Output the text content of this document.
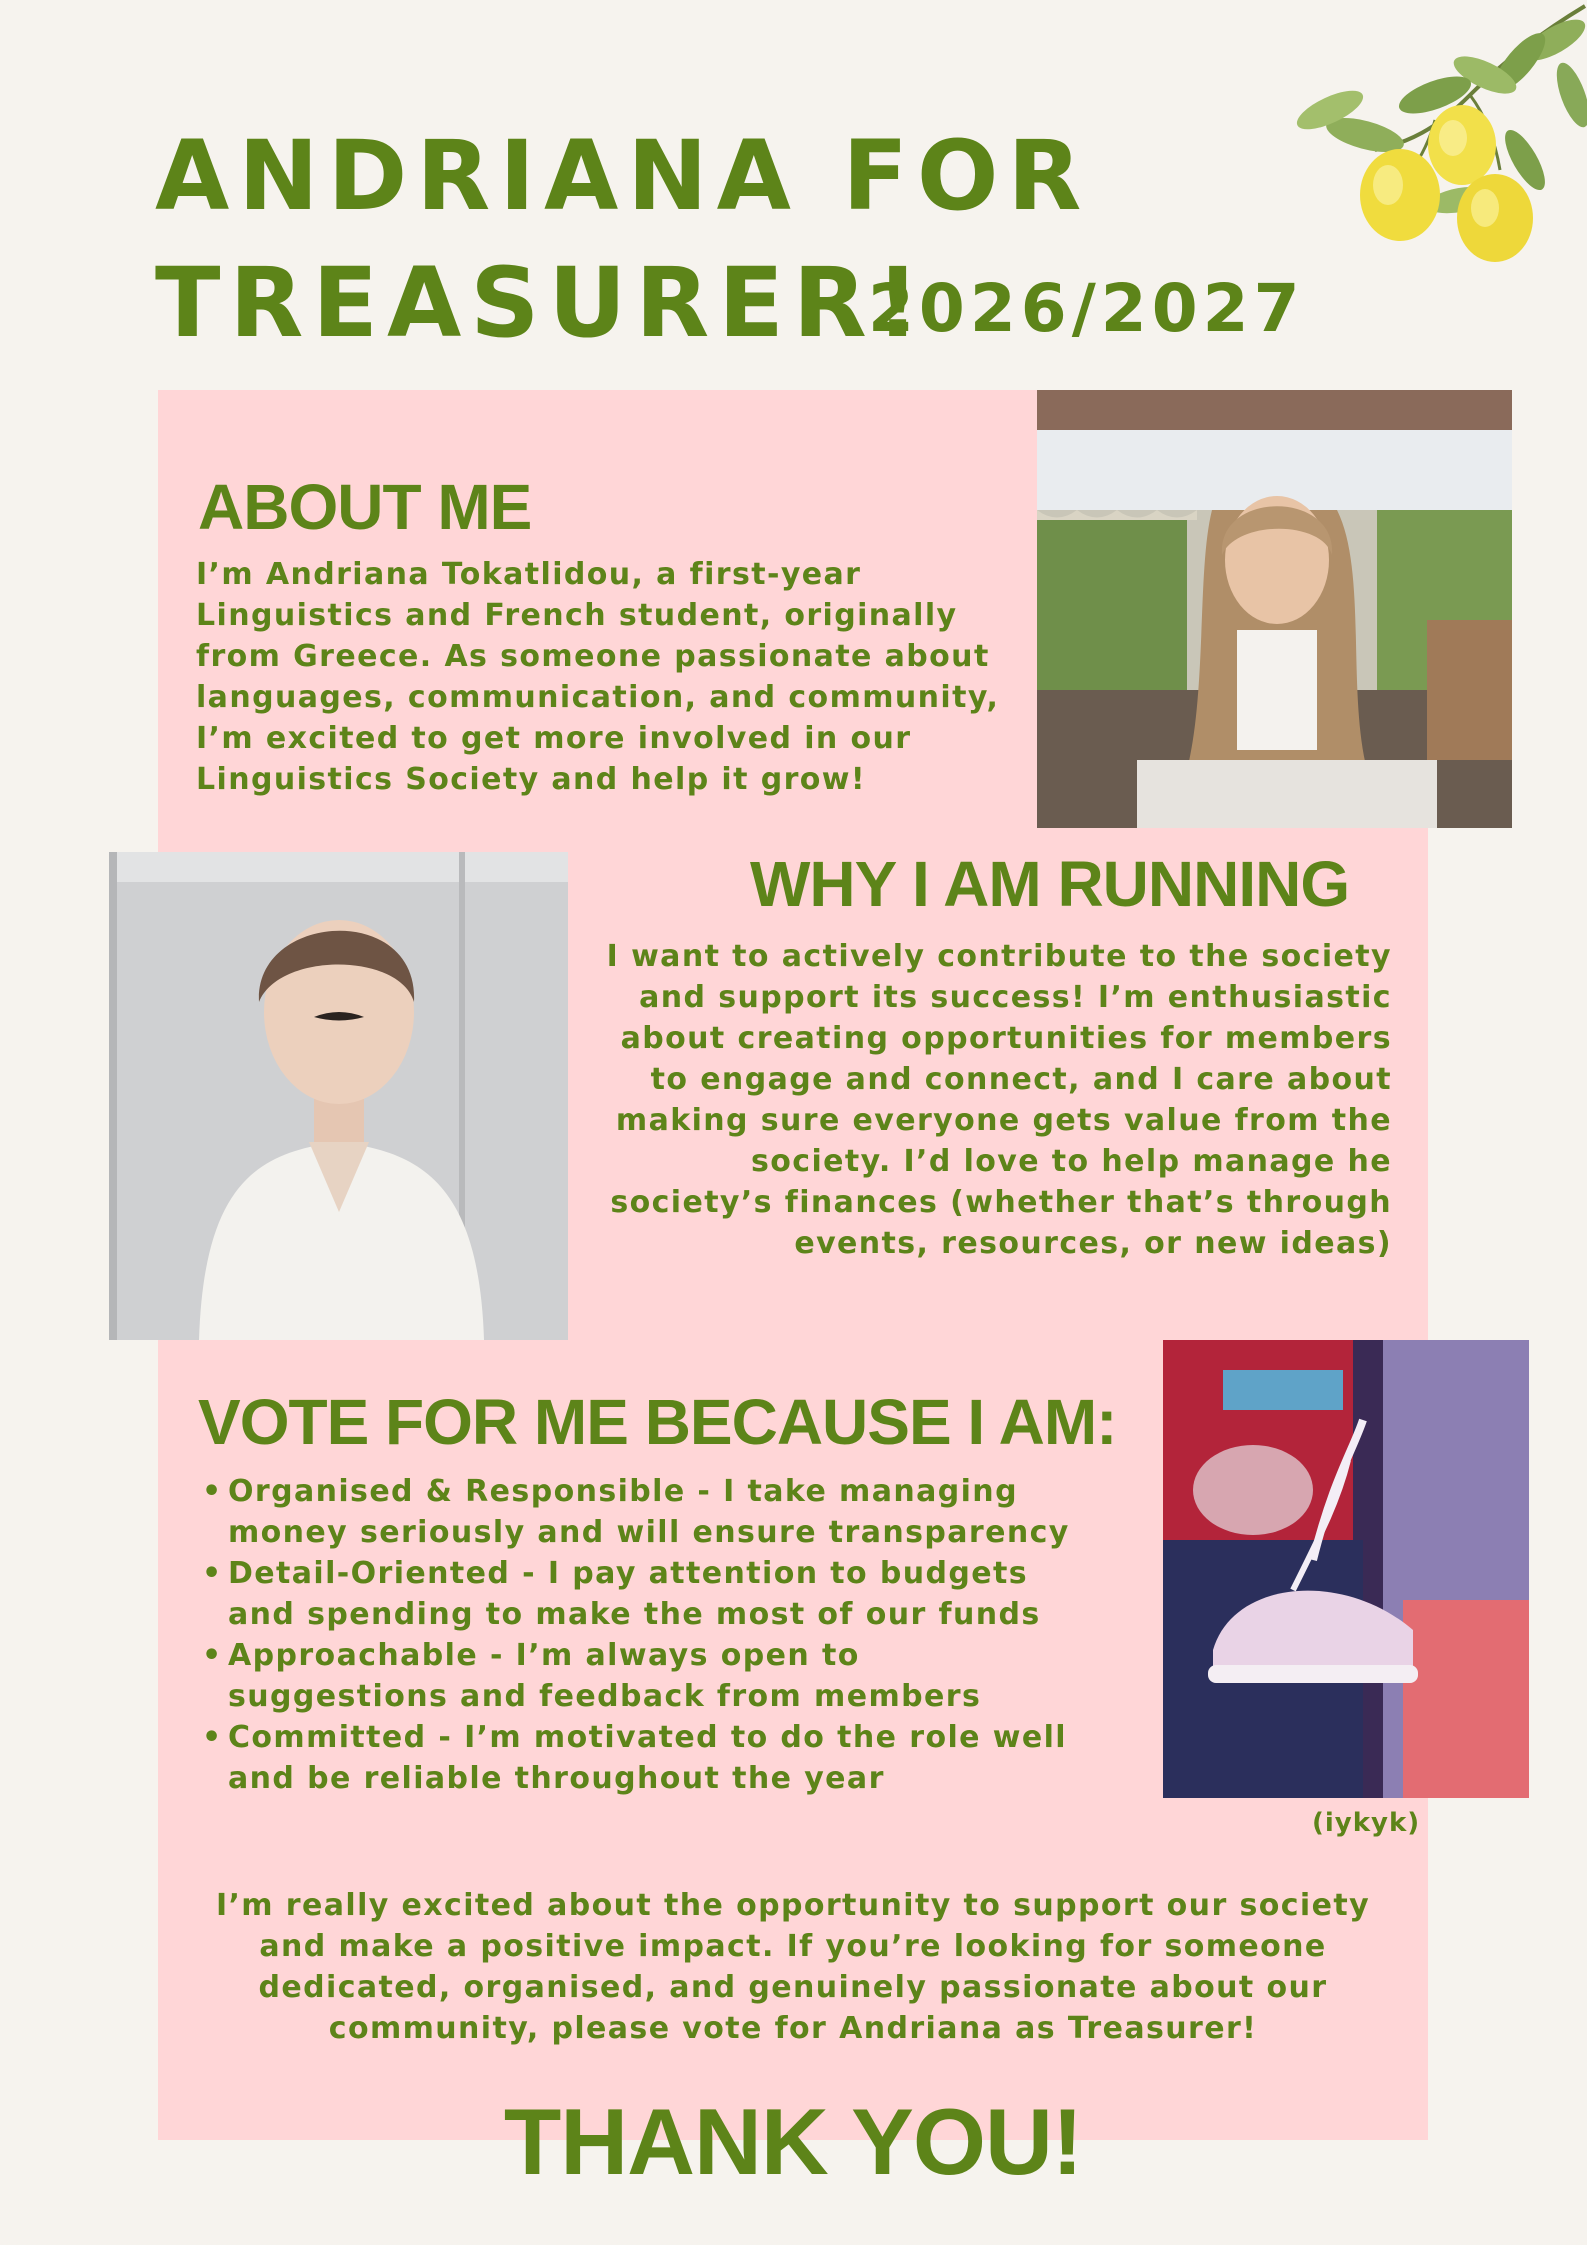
ANDRIANA FOR
TREASURER!
2026/2027
ABOUT ME
I’m Andriana Tokatlidou, a first-year
Linguistics and French student, originally
from Greece. As someone passionate about
languages, communication, and community,
I’m excited to get more involved in our
Linguistics Society and help it grow!
WHY I AM RUNNING
I want to actively contribute to the society
and support its success! I’m enthusiastic
about creating opportunities for members
to engage and connect, and I care about
making sure everyone gets value from the
society. I’d love to help manage he
society’s finances (whether that’s through
events, resources, or new ideas)
(iykyk)
VOTE FOR ME BECAUSE I AM:
• Organised & Responsible - I take managing
money seriously and will ensure transparency
• Detail-Oriented - I pay attention to budgets
and spending to make the most of our funds
• Approachable - I’m always open to
suggestions and feedback from members
• Committed - I’m motivated to do the role well
and be reliable throughout the year
I’m really excited about the opportunity to support our society
and make a positive impact. If you’re looking for someone
dedicated, organised, and genuinely passionate about our
community, please vote for Andriana as Treasurer!
THANK YOU!
